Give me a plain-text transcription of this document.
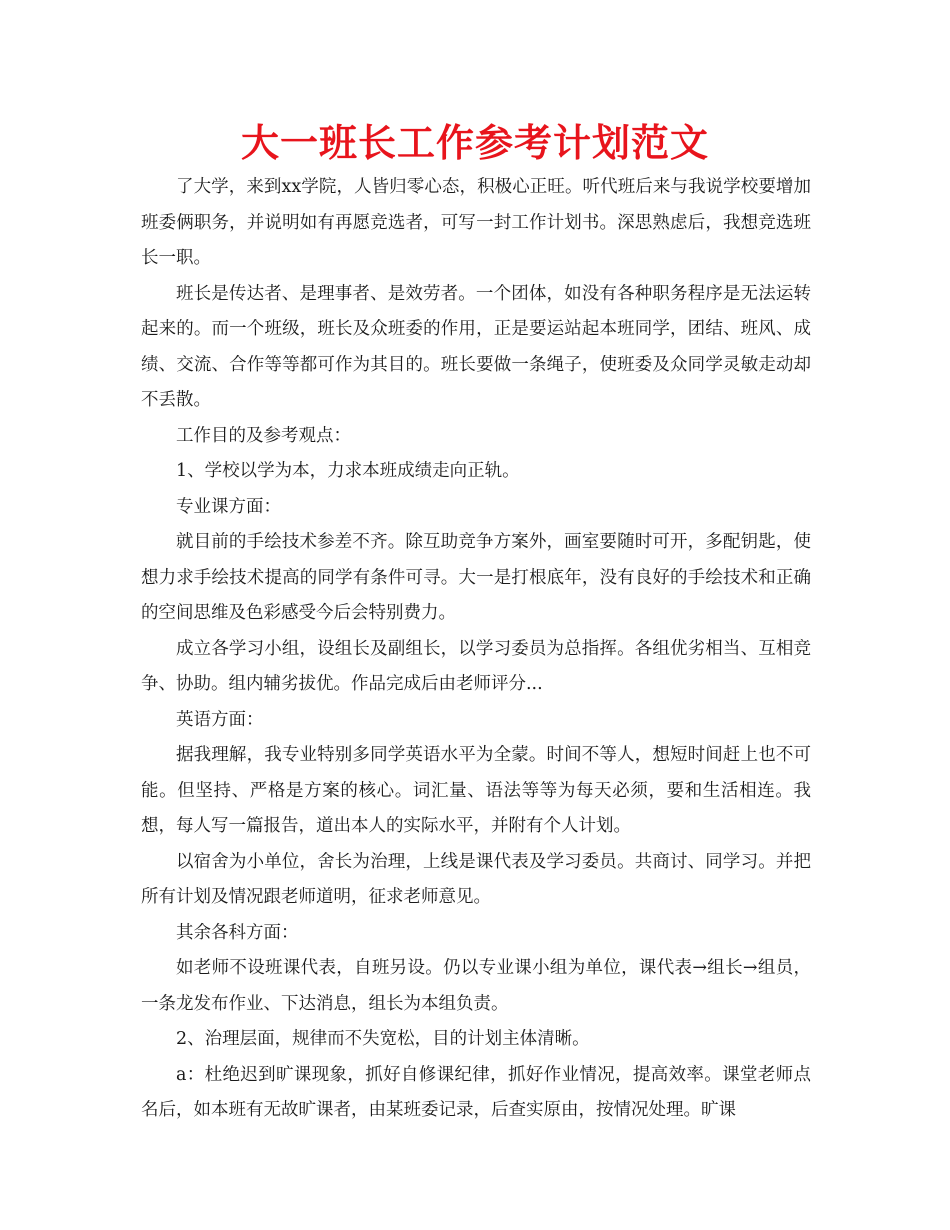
大一班长工作参考计划范文

了大学，来到xx学院，人皆归零心态，积极心正旺。听代班后来与我说学校要增加班委俩职务，并说明如有再愿竞选者，可写一封工作计划书。深思熟虑后，我想竞选班长一职。

班长是传达者、是理事者、是效劳者。一个团体，如没有各种职务程序是无法运转起来的。而一个班级，班长及众班委的作用，正是要运站起本班同学，团结、班风、成绩、交流、合作等等都可作为其目的。班长要做一条绳子，使班委及众同学灵敏走动却不丢散。

工作目的及参考观点：

1、学校以学为本，力求本班成绩走向正轨。

专业课方面：

就目前的手绘技术参差不齐。除互助竞争方案外，画室要随时可开，多配钥匙，使想力求手绘技术提高的同学有条件可寻。大一是打根底年，没有良好的手绘技术和正确的空间思维及色彩感受今后会特别费力。

成立各学习小组，设组长及副组长，以学习委员为总指挥。各组优劣相当、互相竞争、协助。组内辅劣拔优。作品完成后由老师评分...

英语方面：

据我理解，我专业特别多同学英语水平为全蒙。时间不等人，想短时间赶上也不可能。但坚持、严格是方案的核心。词汇量、语法等等为每天必须，要和生活相连。我想，每人写一篇报告，道出本人的实际水平，并附有个人计划。

以宿舍为小单位，舍长为治理，上线是课代表及学习委员。共商讨、同学习。并把所有计划及情况跟老师道明，征求老师意见。

其余各科方面：

如老师不设班课代表，自班另设。仍以专业课小组为单位，课代表→组长→组员，一条龙发布作业、下达消息，组长为本组负责。

2、治理层面，规律而不失宽松，目的计划主体清晰。

a：杜绝迟到旷课现象，抓好自修课纪律，抓好作业情况，提高效率。课堂老师点名后，如本班有无故旷课者，由某班委记录，后查实原由，按情况处理。旷课
